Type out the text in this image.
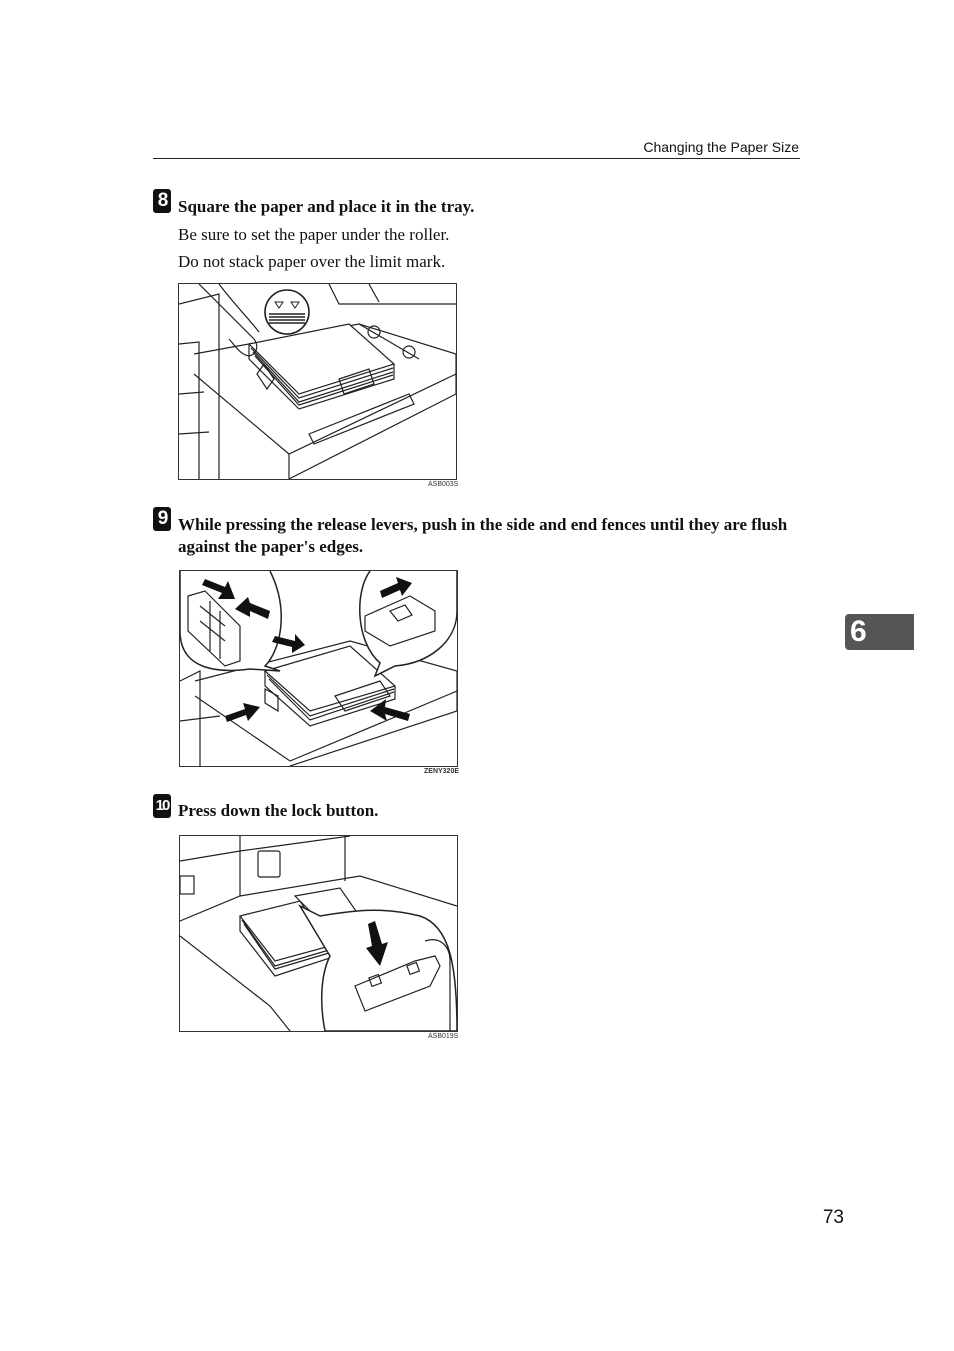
Changing the Paper Size
8 Square the paper and place it in the tray.
Be sure to set the paper under the roller.
Do not stack paper over the limit mark.
ASB003S
9 While pressing the release levers, push in the side and end fences until they are flush against the paper's edges.
ZENY320E
10 Press down the lock button.
ASB019S
6
73
